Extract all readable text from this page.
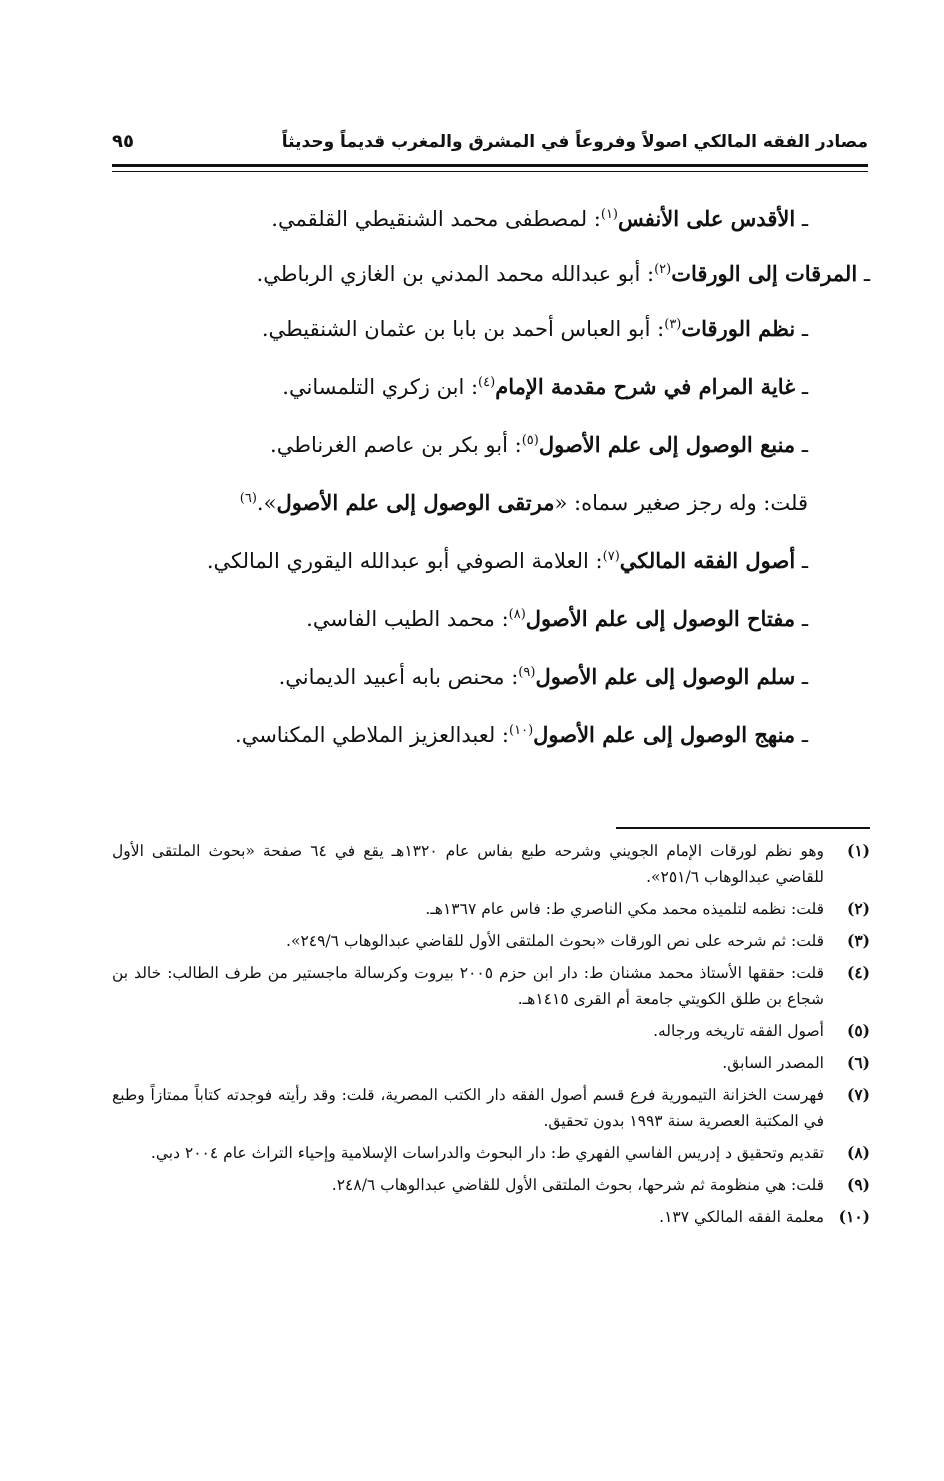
مصادر الفقه المالكي اصولاً وفروعاً في المشرق والمغرب قديماً وحديثاً
٩٥
ـ الأقدس على الأنفس$^{(١)}$: لمصطفى محمد الشنقيطي القلقمي.
ـ المرقات إلى الورقات$^{(٢)}$: أبو عبدالله محمد المدني بن الغازي الرباطي.
ـ نظم الورقات$^{(٣)}$: أبو العباس أحمد بن بابا بن عثمان الشنقيطي.
ـ غاية المرام في شرح مقدمة الإمام$^{(٤)}$: ابن زكري التلمساني.
ـ منبع الوصول إلى علم الأصول$^{(٥)}$: أبو بكر بن عاصم الغرناطي.
قلت: وله رجز صغير سماه: «مرتقى الوصول إلى علم الأصول».$^{(٦)}$
ـ أصول الفقه المالكي$^{(٧)}$: العلامة الصوفي أبو عبدالله اليقوري المالكي.
ـ مفتاح الوصول إلى علم الأصول$^{(٨)}$: محمد الطيب الفاسي.
ـ سلم الوصول إلى علم الأصول$^{(٩)}$: محنص بابه أعبيد الديماني.
ـ منهج الوصول إلى علم الأصول$^{(١٠)}$: لعبدالعزيز الملاطي المكناسي.
(١)
وهو نظم لورقات الإمام الجويني وشرحه طبع بفاس عام ١٣٢٠هـ يقع في ٦٤ صفحة «بحوث الملتقى الأول للقاضي عبدالوهاب ٢٥١/٦».
(٢)
قلت: نظمه لتلميذه محمد مكي الناصري ط: فاس عام ١٣٦٧هـ.
(٣)
قلت: ثم شرحه على نص الورقات «بحوث الملتقى الأول للقاضي عبدالوهاب ٢٤٩/٦».
(٤)
قلت: حققها الأستاذ محمد مشنان ط: دار ابن حزم ٢٠٠٥ بيروت وكرسالة ماجستير من طرف الطالب: خالد بن شجاع بن طلق الكويتي جامعة أم القرى ١٤١٥هـ.
(٥)
أصول الفقه تاريخه ورجاله.
(٦)
المصدر السابق.
(٧)
فهرست الخزانة التيمورية فرع قسم أصول الفقه دار الكتب المصرية، قلت: وقد رأيته فوجدته كتاباً ممتازاً وطبع في المكتبة العصرية سنة ١٩٩٣ بدون تحقيق.
(٨)
تقديم وتحقيق د إدريس الفاسي الفهري ط: دار البحوث والدراسات الإسلامية وإحياء التراث عام ٢٠٠٤ دبي.
(٩)
قلت: هي منظومة ثم شرحها، بحوث الملتقى الأول للقاضي عبدالوهاب ٢٤٨/٦.
(١٠)
معلمة الفقه المالكي ١٣٧.
